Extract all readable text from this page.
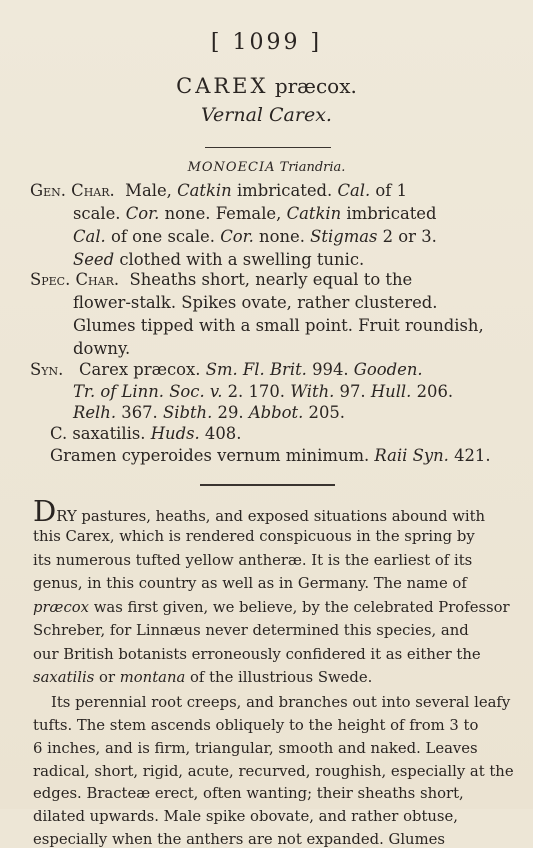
[ 1099 ]
CAREX præcox.
Vernal Carex.
MONOECIA Triandria.
Gen. Char. Male, Catkin imbricated. Cal. of 1
scale. Cor. none. Female, Catkin imbricated
Cal. of one scale. Cor. none. Stigmas 2 or 3.
Seed clothed with a swelling tunic.
Spec. Char. Sheaths short, nearly equal to the
flower-stalk. Spikes ovate, rather clustered.
Glumes tipped with a small point. Fruit roundish,
downy.
Syn. Carex præcox. Sm. Fl. Brit. 994. Gooden.
Tr. of Linn. Soc. v. 2. 170. With. 97. Hull. 206.
Relh. 367. Sibth. 29. Abbot. 205.
C. saxatilis. Huds. 408.
Gramen cyperoides vernum minimum. Raii Syn. 421.
DRY pastures, heaths, and exposed situations abound with
this Carex, which is rendered conspicuous in the spring by
its numerous tufted yellow antheræ. It is the earliest of its
genus, in this country as well as in Germany. The name of
præcox was first given, we believe, by the celebrated Professor
Schreber, for Linnæus never determined this species, and
our British botanists erroneously confidered it as either the
saxatilis or montana of the illustrious Swede.
Its perennial root creeps, and branches out into several leafy
tufts. The stem ascends obliquely to the height of from 3 to
6 inches, and is firm, triangular, smooth and naked. Leaves
radical, short, rigid, acute, recurved, roughish, especially at the
edges. Bracteæ erect, often wanting; their sheaths short,
dilated upwards. Male spike obovate, and rather obtuse,
especially when the anthers are not expanded. Glumes
